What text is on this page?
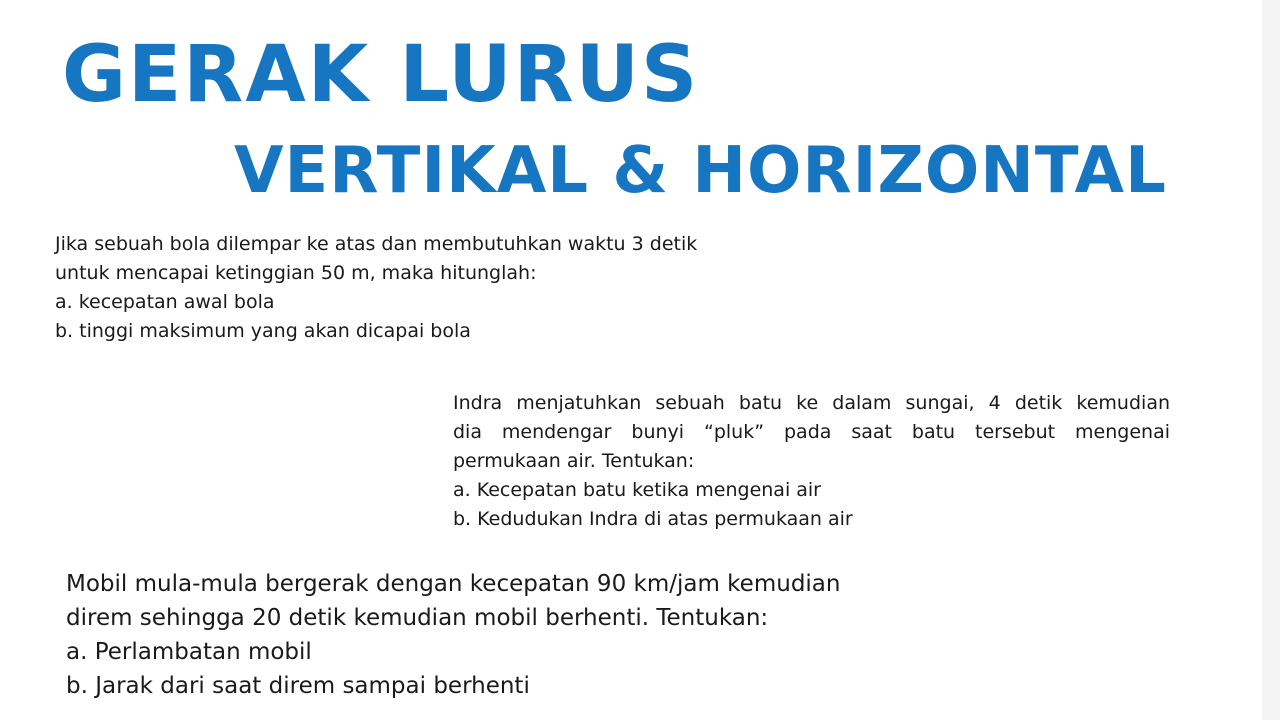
GERAK LURUS
VERTIKAL & HORIZONTAL

Jika sebuah bola dilempar ke atas dan membutuhkan waktu 3 detik

untuk mencapai ketinggian 50 m, maka hitunglah:

a. kecepatan awal bola

b. tinggi maksimum yang akan dicapai bola

Indra menjatuhkan sebuah batu ke dalam sungai, 4 detik kemudian

dia mendengar bunyi “pluk” pada saat batu tersebut mengenai

permukaan air. Tentukan:

a. Kecepatan batu ketika mengenai air

b. Kedudukan Indra di atas permukaan air

Mobil mula-mula bergerak dengan kecepatan 90 km/jam kemudian

direm sehingga 20 detik kemudian mobil berhenti. Tentukan:

a. Perlambatan mobil

b. Jarak dari saat direm sampai berhenti
